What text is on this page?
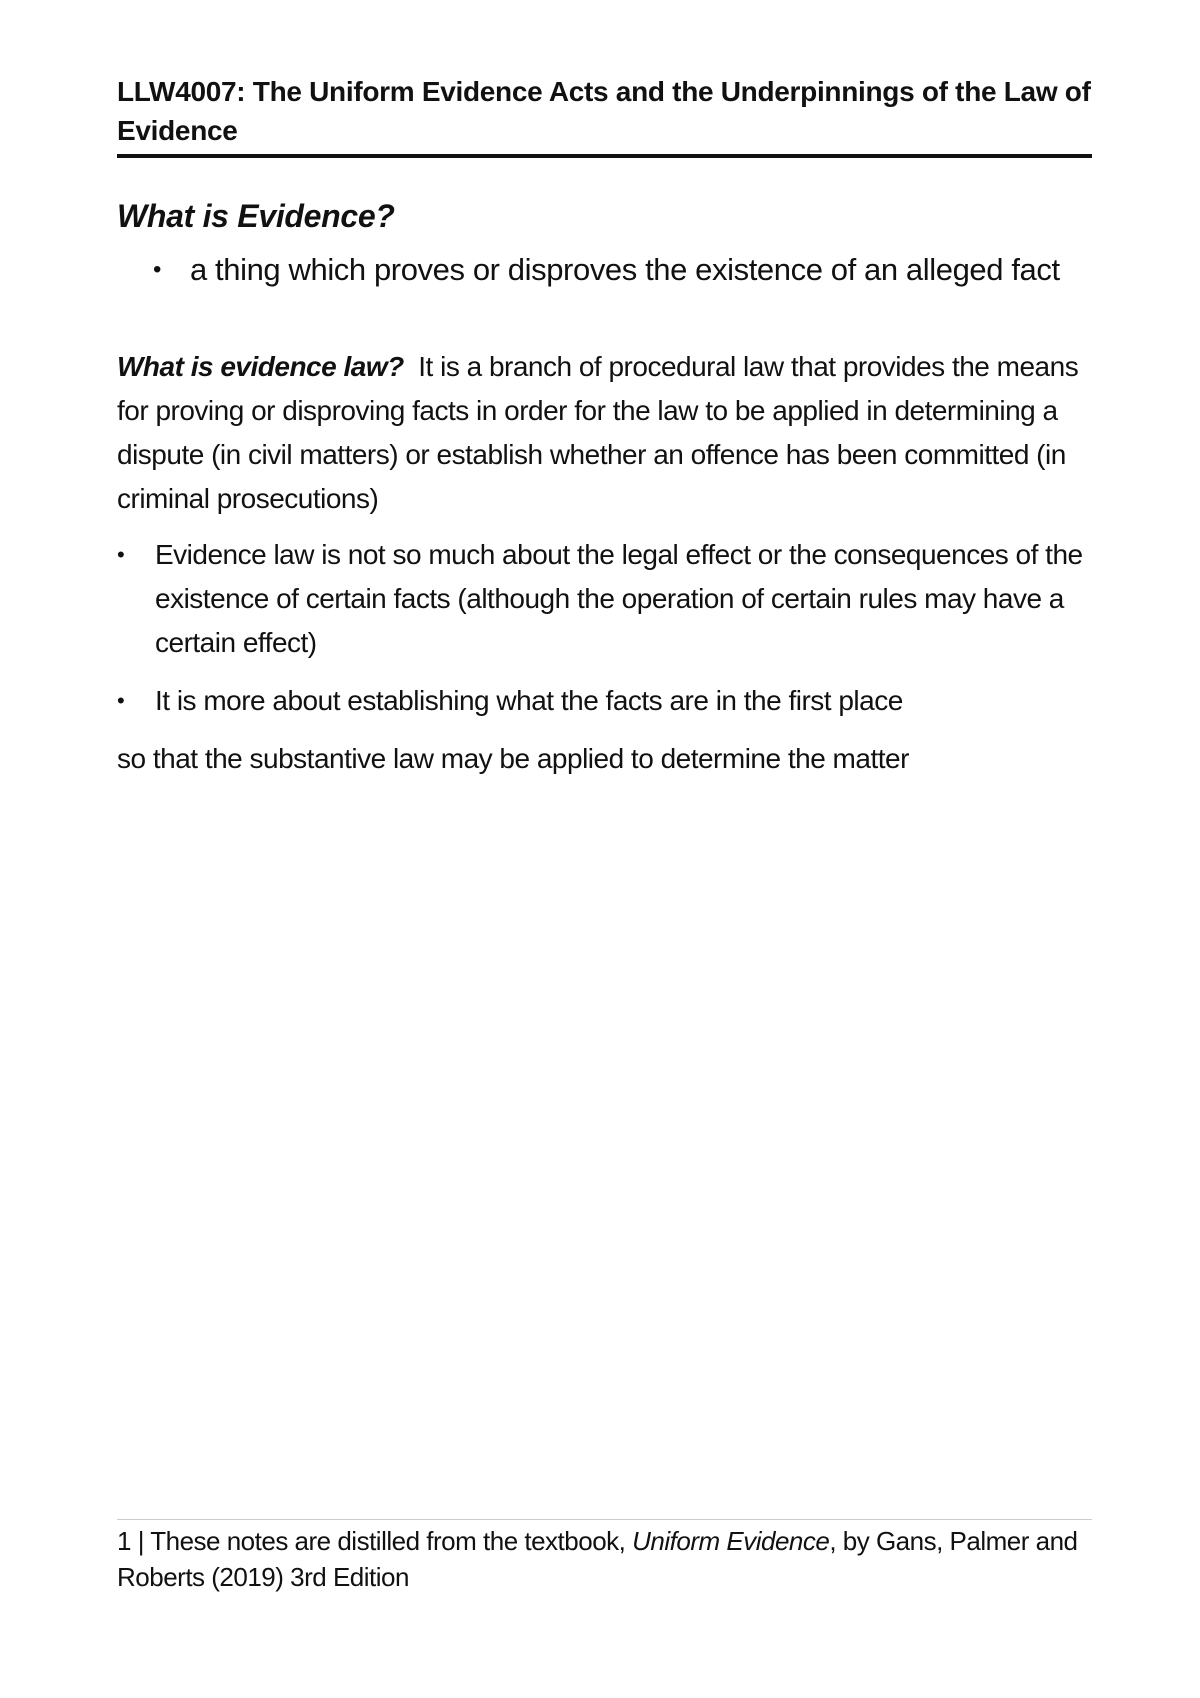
LLW4007: The Uniform Evidence Acts and the Underpinnings of the Law of Evidence
What is Evidence?
• a thing which proves or disproves the existence of an alleged fact

What is evidence law? It is a branch of procedural law that provides the means for proving or disproving facts in order for the law to be applied in determining a dispute (in civil matters) or establish whether an offence has been committed (in criminal prosecutions)

• Evidence law is not so much about the legal effect or the consequences of the existence of certain facts (although the operation of certain rules may have a certain effect)
• It is more about establishing what the facts are in the first place

so that the substantive law may be applied to determine the matter

1 | These notes are distilled from the textbook, Uniform Evidence, by Gans, Palmer and Roberts (2019) 3rd Edition
